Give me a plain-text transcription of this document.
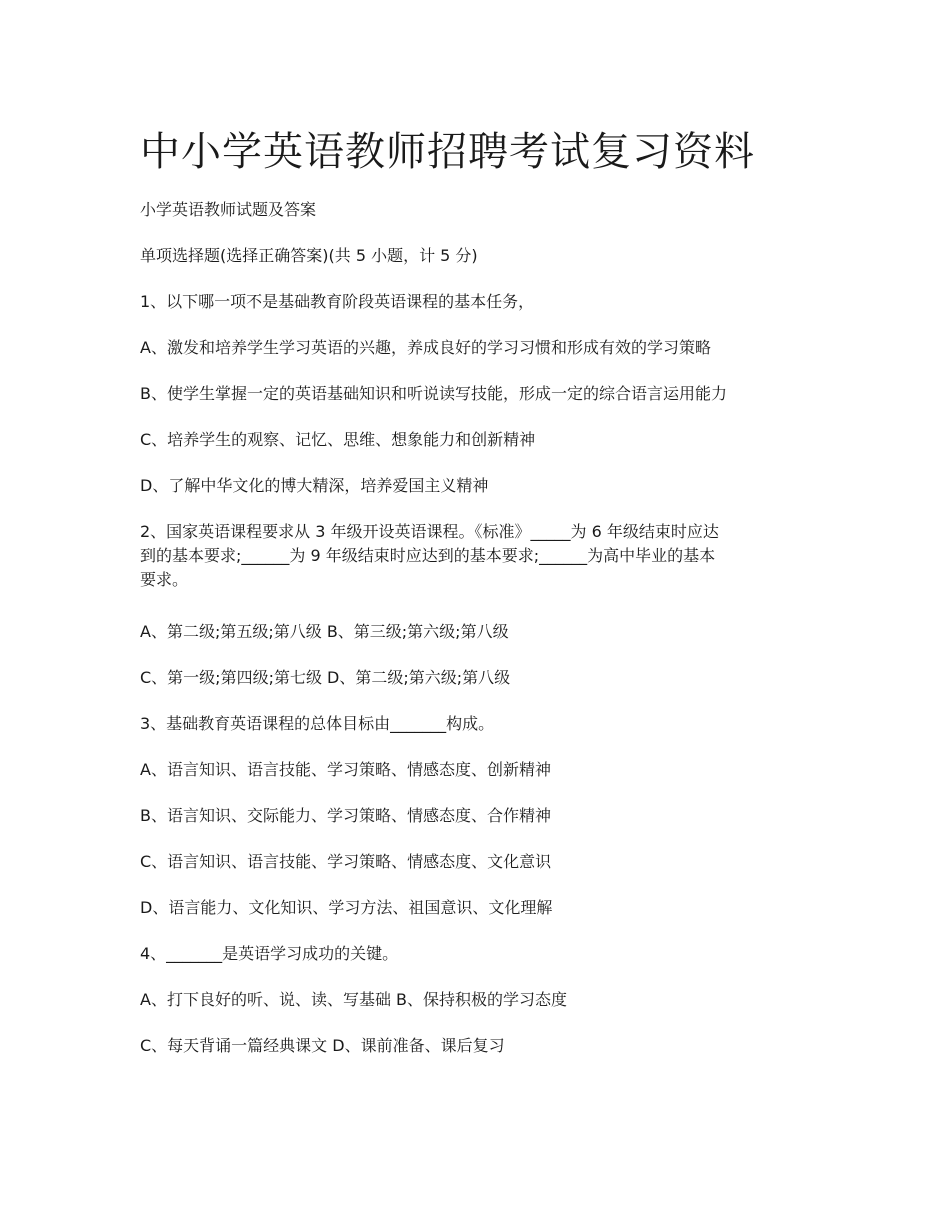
中小学英语教师招聘考试复习资料

小学英语教师试题及答案

单项选择题(选择正确答案)(共 5 小题，计 5 分)

1、以下哪一项不是基础教育阶段英语课程的基本任务，

A、激发和培养学生学习英语的兴趣，养成良好的学习习惯和形成有效的学习策略

B、使学生掌握一定的英语基础知识和听说读写技能，形成一定的综合语言运用能力

C、培养学生的观察、记忆、思维、想象能力和创新精神

D、了解中华文化的博大精深，培养爱国主义精神

2、国家英语课程要求从 3 年级开设英语课程。《标准》_____为 6 年级结束时应达
到的基本要求;______为 9 年级结束时应达到的基本要求;______为高中毕业的基本
要求。

A、第二级;第五级;第八级 B、第三级;第六级;第八级

C、第一级;第四级;第七级 D、第二级;第六级;第八级

3、基础教育英语课程的总体目标由_______构成。

A、语言知识、语言技能、学习策略、情感态度、创新精神

B、语言知识、交际能力、学习策略、情感态度、合作精神

C、语言知识、语言技能、学习策略、情感态度、文化意识

D、语言能力、文化知识、学习方法、祖国意识、文化理解

4、_______是英语学习成功的关键。

A、打下良好的听、说、读、写基础 B、保持积极的学习态度

C、每天背诵一篇经典课文 D、课前准备、课后复习
